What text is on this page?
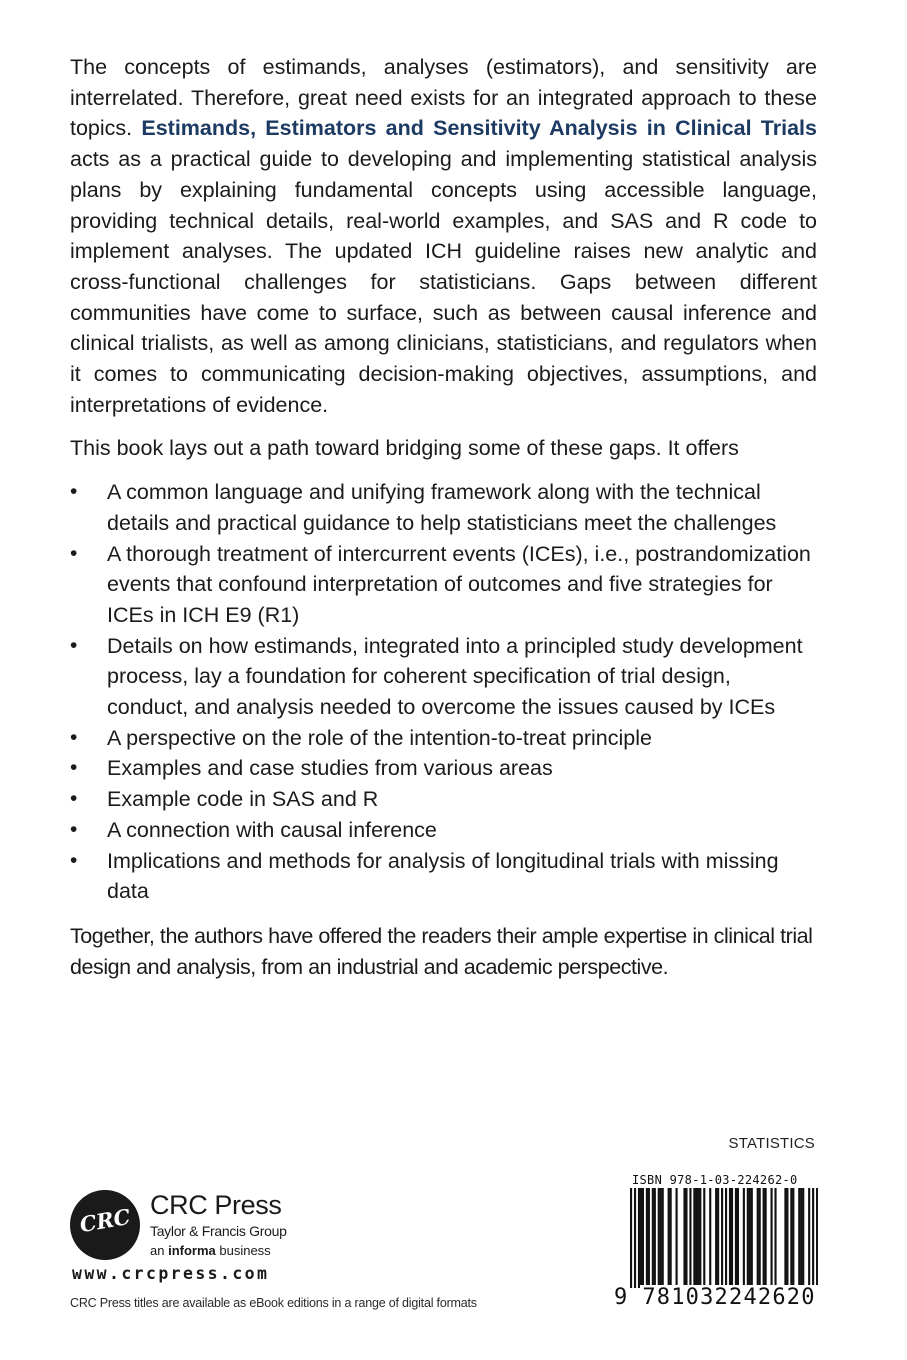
The concepts of estimands, analyses (estimators), and sensitivity are interrelated. Therefore, great need exists for an integrated approach to these topics. Estimands, Estimators and Sensitivity Analysis in Clinical Trials acts as a practical guide to developing and implementing statistical analysis plans by explaining fundamental concepts using accessible language, providing technical details, real-world examples, and SAS and R code to implement analyses. The updated ICH guideline raises new analytic and cross-functional challenges for statisticians. Gaps between different communities have come to surface, such as between causal inference and clinical trialists, as well as among clinicians, statisticians, and regulators when it comes to communicating decision-making objectives, assumptions, and interpretations of evidence.

This book lays out a path toward bridging some of these gaps. It offers

• A common language and unifying framework along with the technical details and practical guidance to help statisticians meet the challenges
• A thorough treatment of intercurrent events (ICEs), i.e., postrandomization events that confound interpretation of outcomes and five strategies for ICEs in ICH E9 (R1)
• Details on how estimands, integrated into a principled study development process, lay a foundation for coherent specification of trial design, conduct, and analysis needed to overcome the issues caused by ICEs
• A perspective on the role of the intention-to-treat principle
• Examples and case studies from various areas
• Example code in SAS and R
• A connection with causal inference
• Implications and methods for analysis of longitudinal trials with missing data

Together, the authors have offered the readers their ample expertise in clinical trial design and analysis, from an industrial and academic perspective.

STATISTICS
CRC CRC Press
Taylor & Francis Group
an informa business
www.crcpress.com
CRC Press titles are available as eBook editions in a range of digital formats
ISBN 978-1-03-224262-0
9 781032242620
